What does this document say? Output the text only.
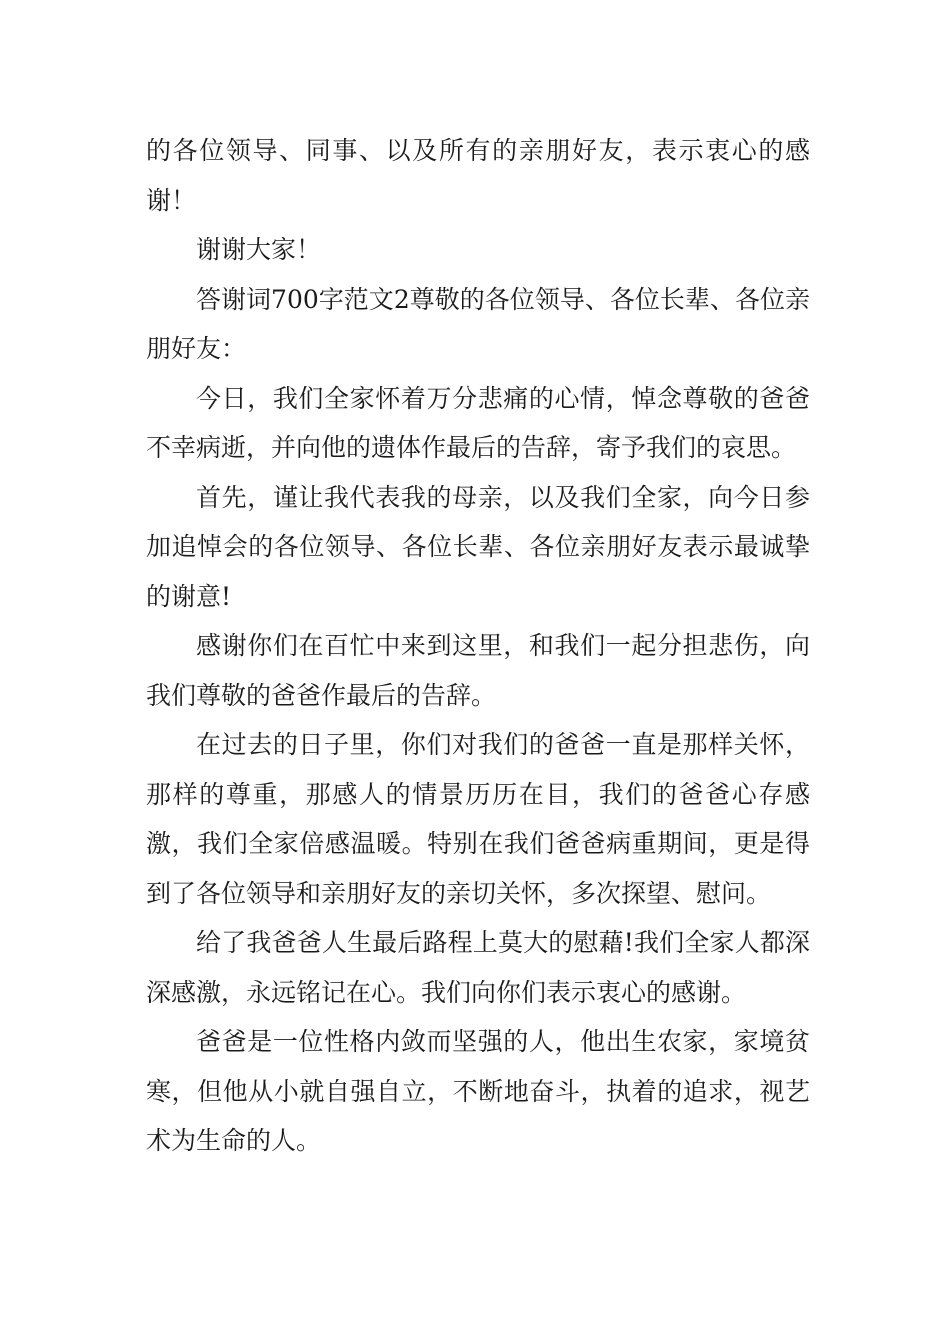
的各位领导、同事、以及所有的亲朋好友，表示衷心的感谢！

谢谢大家！

答谢词700字范文2尊敬的各位领导、各位长辈、各位亲朋好友：

今日，我们全家怀着万分悲痛的心情，悼念尊敬的爸爸不幸病逝，并向他的遗体作最后的告辞，寄予我们的哀思。

首先，谨让我代表我的母亲，以及我们全家，向今日参加追悼会的各位领导、各位长辈、各位亲朋好友表示最诚挚的谢意!

感谢你们在百忙中来到这里，和我们一起分担悲伤，向我们尊敬的爸爸作最后的告辞。

在过去的日子里，你们对我们的爸爸一直是那样关怀，那样的尊重，那感人的情景历历在目，我们的爸爸心存感激，我们全家倍感温暖。特别在我们爸爸病重期间，更是得到了各位领导和亲朋好友的亲切关怀，多次探望、慰问。

给了我爸爸人生最后路程上莫大的慰藉!我们全家人都深深感激，永远铭记在心。我们向你们表示衷心的感谢。

爸爸是一位性格内敛而坚强的人，他出生农家，家境贫寒，但他从小就自强自立，不断地奋斗，执着的追求，视艺术为生命的人。
